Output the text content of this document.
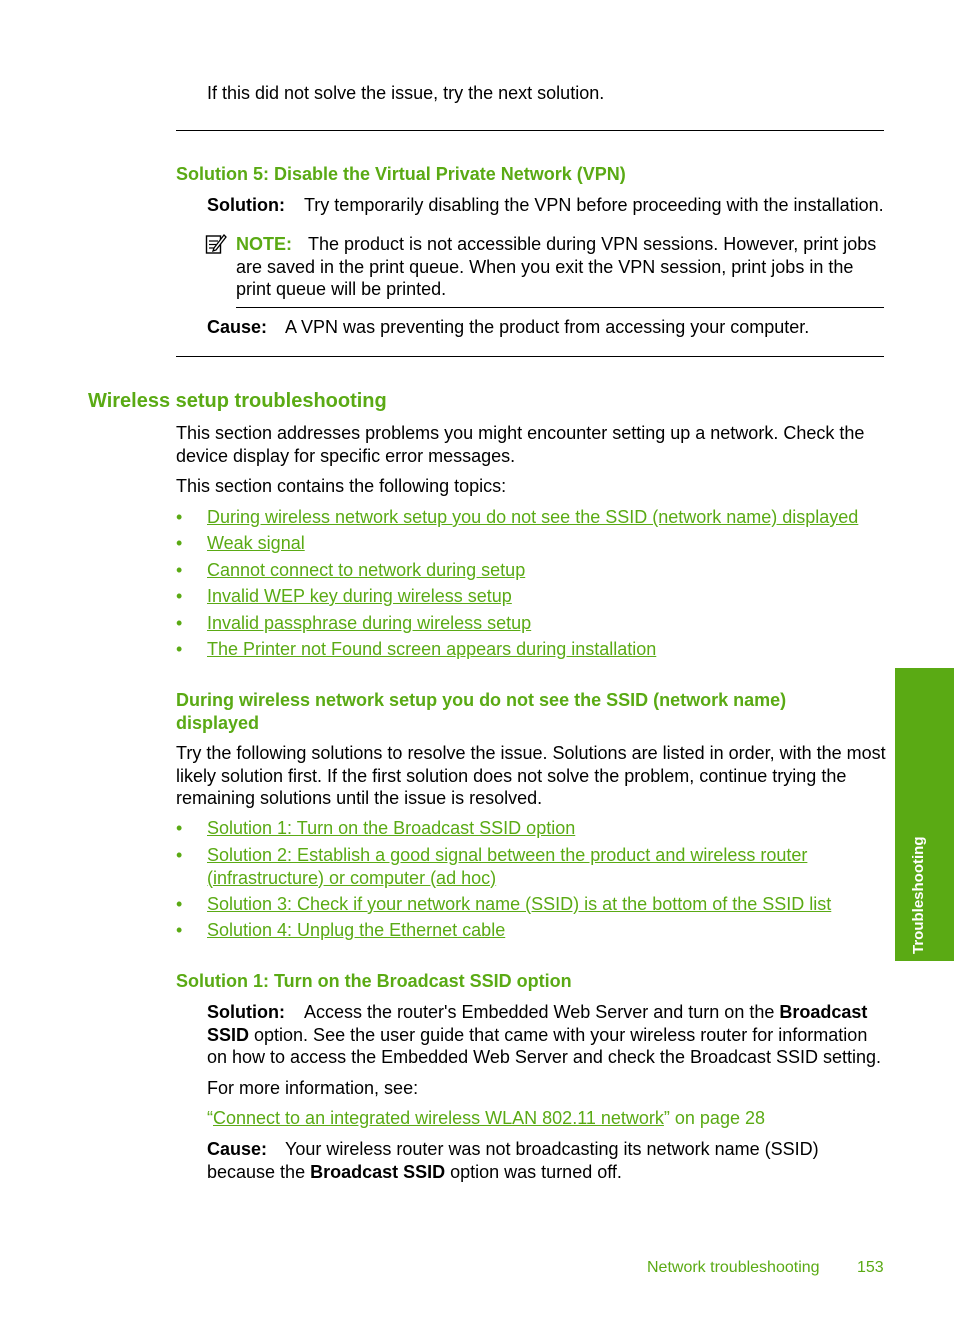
If this did not solve the issue, try the next solution.
Solution 5: Disable the Virtual Private Network (VPN)
Solution: Try temporarily disabling the VPN before proceeding with the installation.
NOTE: The product is not accessible during VPN sessions. However, print jobs
are saved in the print queue. When you exit the VPN session, print jobs in the
print queue will be printed.
Cause: A VPN was preventing the product from accessing your computer.
Wireless setup troubleshooting
This section addresses problems you might encounter setting up a network. Check the
device display for specific error messages.
This section contains the following topics:
• During wireless network setup you do not see the SSID (network name) displayed
• Weak signal
• Cannot connect to network during setup
• Invalid WEP key during wireless setup
• Invalid passphrase during wireless setup
• The Printer not Found screen appears during installation
During wireless network setup you do not see the SSID (network name)
displayed
Try the following solutions to resolve the issue. Solutions are listed in order, with the most
likely solution first. If the first solution does not solve the problem, continue trying the
remaining solutions until the issue is resolved.
• Solution 1: Turn on the Broadcast SSID option
• Solution 2: Establish a good signal between the product and wireless router
(infrastructure) or computer (ad hoc)
• Solution 3: Check if your network name (SSID) is at the bottom of the SSID list
• Solution 4: Unplug the Ethernet cable
Solution 1: Turn on the Broadcast SSID option
Solution: Access the router's Embedded Web Server and turn on the Broadcast
SSID option. See the user guide that came with your wireless router for information
on how to access the Embedded Web Server and check the Broadcast SSID setting.
For more information, see:
“Connect to an integrated wireless WLAN 802.11 network” on page 28
Cause: Your wireless router was not broadcasting its network name (SSID)
because the Broadcast SSID option was turned off.
Troubleshooting
Network troubleshooting 153
